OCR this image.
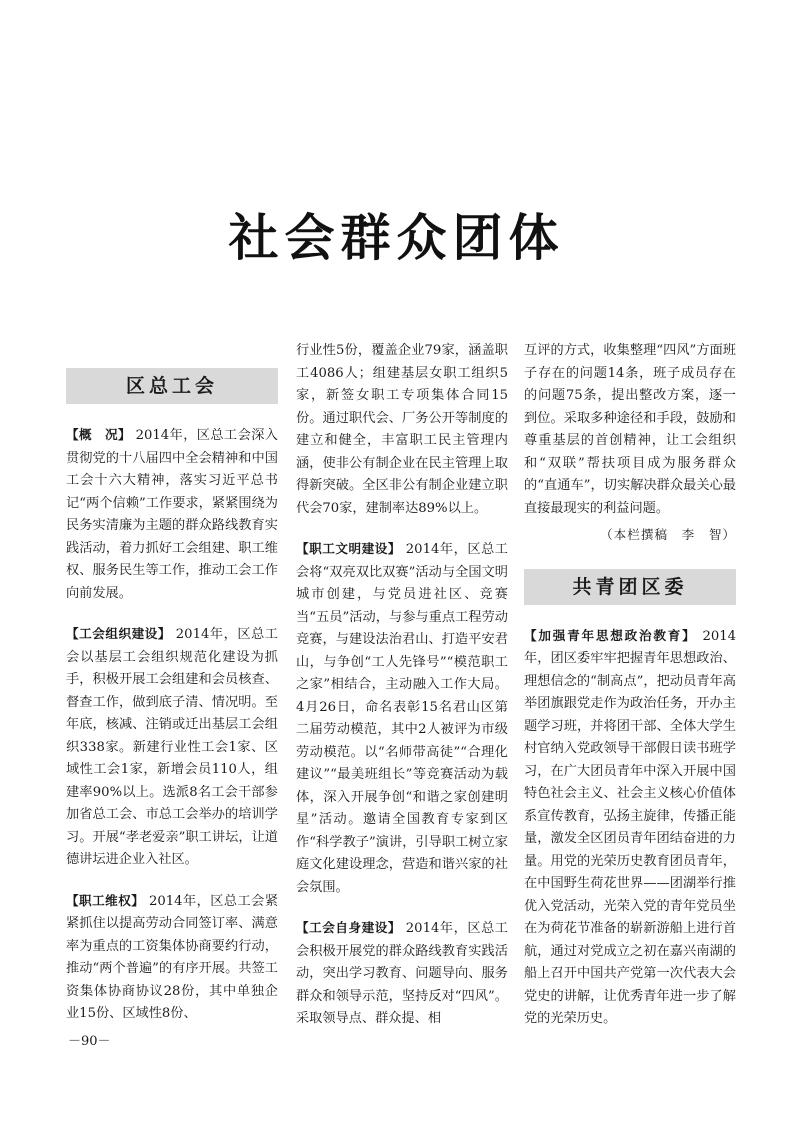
社会群众团体
区总工会

【概　况】 2014年，区总工会深入贯彻党的十八届四中全会精神和中国工会十六大精神，落实习近平总书记“两个信赖”工作要求，紧紧围绕为民务实清廉为主题的群众路线教育实践活动，着力抓好工会组建、职工维权、服务民生等工作，推动工会工作向前发展。

【工会组织建设】 2014年，区总工会以基层工会组织规范化建设为抓手，积极开展工会组建和会员核查、督查工作，做到底子清、情况明。至年底，核减、注销或迁出基层工会组织338家。新建行业性工会1家、区域性工会1家，新增会员110人，组建率90%以上。选派8名工会干部参加省总工会、市总工会举办的培训学习。开展“孝老爱亲”职工讲坛，让道德讲坛进企业入社区。

【职工维权】 2014年，区总工会紧紧抓住以提高劳动合同签订率、满意率为重点的工资集体协商要约行动，推动“两个普遍”的有序开展。共签工资集体协商协议28份，其中单独企业15份、区域性8份、

行业性5份，覆盖企业79家，涵盖职工4086人；组建基层女职工组织5家，新签女职工专项集体合同15份。通过职代会、厂务公开等制度的建立和健全，丰富职工民主管理内涵，使非公有制企业在民主管理上取得新突破。全区非公有制企业建立职代会70家，建制率达89%以上。

【职工文明建设】 2014年，区总工会将“双亮双比双赛”活动与全国文明城市创建，与党员进社区、竞赛当“五员”活动，与参与重点工程劳动竞赛，与建设法治君山、打造平安君山，与争创“工人先锋号”“模范职工之家”相结合，主动融入工作大局。4月26日，命名表彰15名君山区第二届劳动模范，其中2人被评为市级劳动模范。以“名师带高徒”“合理化建议”“最美班组长”等竞赛活动为载体，深入开展争创“和谐之家创建明星”活动。邀请全国教育专家到区作“科学教子”演讲，引导职工树立家庭文化建设理念，营造和谐兴家的社会氛围。

【工会自身建设】 2014年，区总工会积极开展党的群众路线教育实践活动，突出学习教育、问题导向、服务群众和领导示范，坚持反对“四风”。采取领导点、群众提、相

互评的方式，收集整理“四风”方面班子存在的问题14条，班子成员存在的问题75条，提出整改方案，逐一到位。采取多种途径和手段，鼓励和尊重基层的首创精神，让工会组织和“双联”帮扶项目成为服务群众的“直通车”，切实解决群众最关心最直接最现实的利益问题。

（本栏撰稿　李　智）
共青团区委

【加强青年思想政治教育】 2014年，团区委牢牢把握青年思想政治、理想信念的“制高点”，把动员青年高举团旗跟党走作为政治任务，开办主题学习班，并将团干部、全体大学生村官纳入党政领导干部假日读书班学习，在广大团员青年中深入开展中国特色社会主义、社会主义核心价值体系宣传教育，弘扬主旋律，传播正能量，激发全区团员青年团结奋进的力量。用党的光荣历史教育团员青年，在中国野生荷花世界——团湖举行推优入党活动，光荣入党的青年党员坐在为荷花节准备的崭新游船上进行首航，通过对党成立之初在嘉兴南湖的船上召开中国共产党第一次代表大会党史的讲解，让优秀青年进一步了解党的光荣历史。

－90－
